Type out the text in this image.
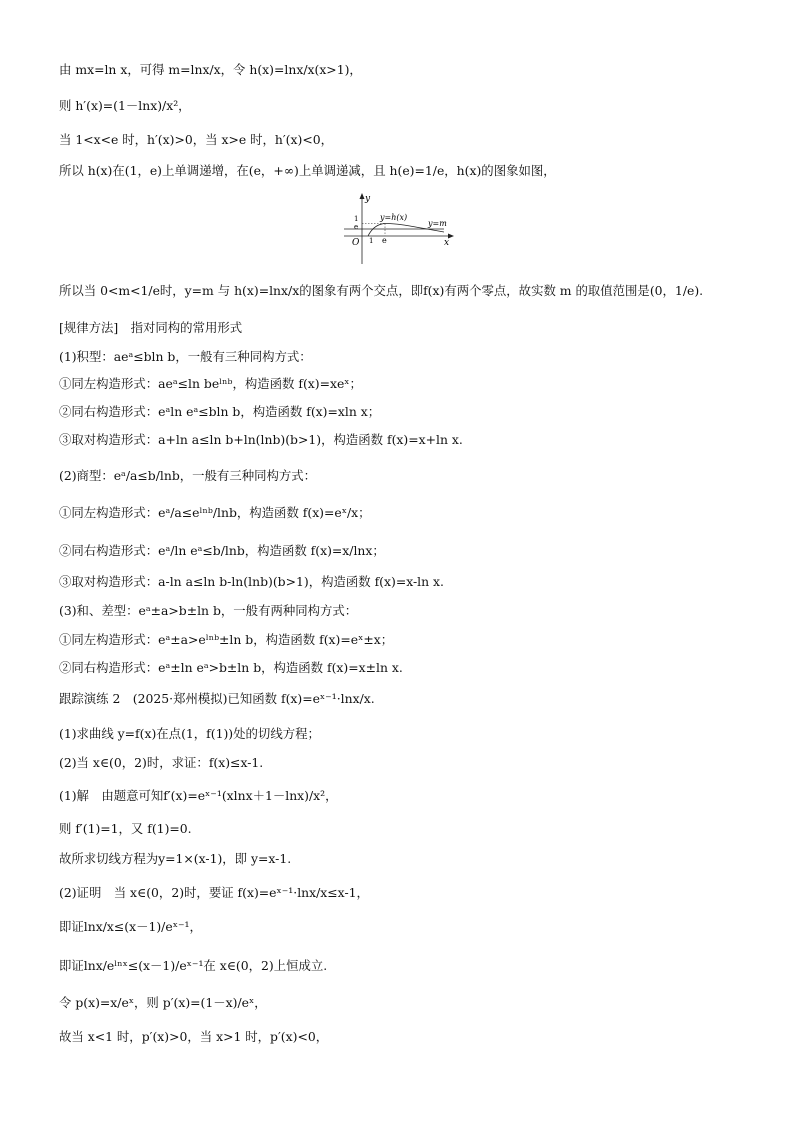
由 mx=ln x，可得 m=lnx/x，令 h(x)=lnx/x(x>1)，
则 h′(x)=(1－lnx)/x²，
当 1<x<e 时，h′(x)>0，当 x>e 时，h′(x)<0，
所以 h(x)在(1，e)上单调递增，在(e，+∞)上单调递减，且 h(e)=1/e，h(x)的图象如图，
y
x
O
1
e
1 e
y=h(x)
y=m
所以当 0<m<1/e时，y=m 与 h(x)=lnx/x的图象有两个交点，即f(x)有两个零点，故实数 m 的取值范围是(0，1/e).
[规律方法]　指对同构的常用形式
(1)积型：aeᵃ≤bln b，一般有三种同构方式：
①同左构造形式：aeᵃ≤ln beˡⁿᵇ，构造函数 f(x)=xeˣ；
②同右构造形式：eᵃln eᵃ≤bln b，构造函数 f(x)=xln x；
③取对构造形式：a+ln a≤ln b+ln(lnb)(b>1)，构造函数 f(x)=x+ln x.
(2)商型：eᵃ/a≤b/lnb，一般有三种同构方式：
①同左构造形式：eᵃ/a≤eˡⁿᵇ/lnb，构造函数 f(x)=eˣ/x；
②同右构造形式：eᵃ/ln eᵃ≤b/lnb，构造函数 f(x)=x/lnx；
③取对构造形式：a-ln a≤ln b-ln(lnb)(b>1)，构造函数 f(x)=x-ln x.
(3)和、差型：eᵃ±a>b±ln b，一般有两种同构方式：
①同左构造形式：eᵃ±a>eˡⁿᵇ±ln b，构造函数 f(x)=eˣ±x；
②同右构造形式：eᵃ±ln eᵃ>b±ln b，构造函数 f(x)=x±ln x.
跟踪演练 2　(2025·郑州模拟)已知函数 f(x)=eˣ⁻¹·lnx/x.
(1)求曲线 y=f(x)在点(1，f(1))处的切线方程；
(2)当 x∈(0，2)时，求证：f(x)≤x-1.
(1)解　由题意可知f′(x)=eˣ⁻¹(xlnx＋1－lnx)/x²，
则 f′(1)=1，又 f(1)=0.
故所求切线方程为y=1×(x-1)，即 y=x-1.
(2)证明　当 x∈(0，2)时，要证 f(x)=eˣ⁻¹·lnx/x≤x-1，
即证lnx/x≤(x－1)/eˣ⁻¹，
即证lnx/eˡⁿˣ≤(x－1)/eˣ⁻¹在 x∈(0，2)上恒成立.
令 p(x)=x/eˣ，则 p′(x)=(1－x)/eˣ，
故当 x<1 时，p′(x)>0，当 x>1 时，p′(x)<0，
